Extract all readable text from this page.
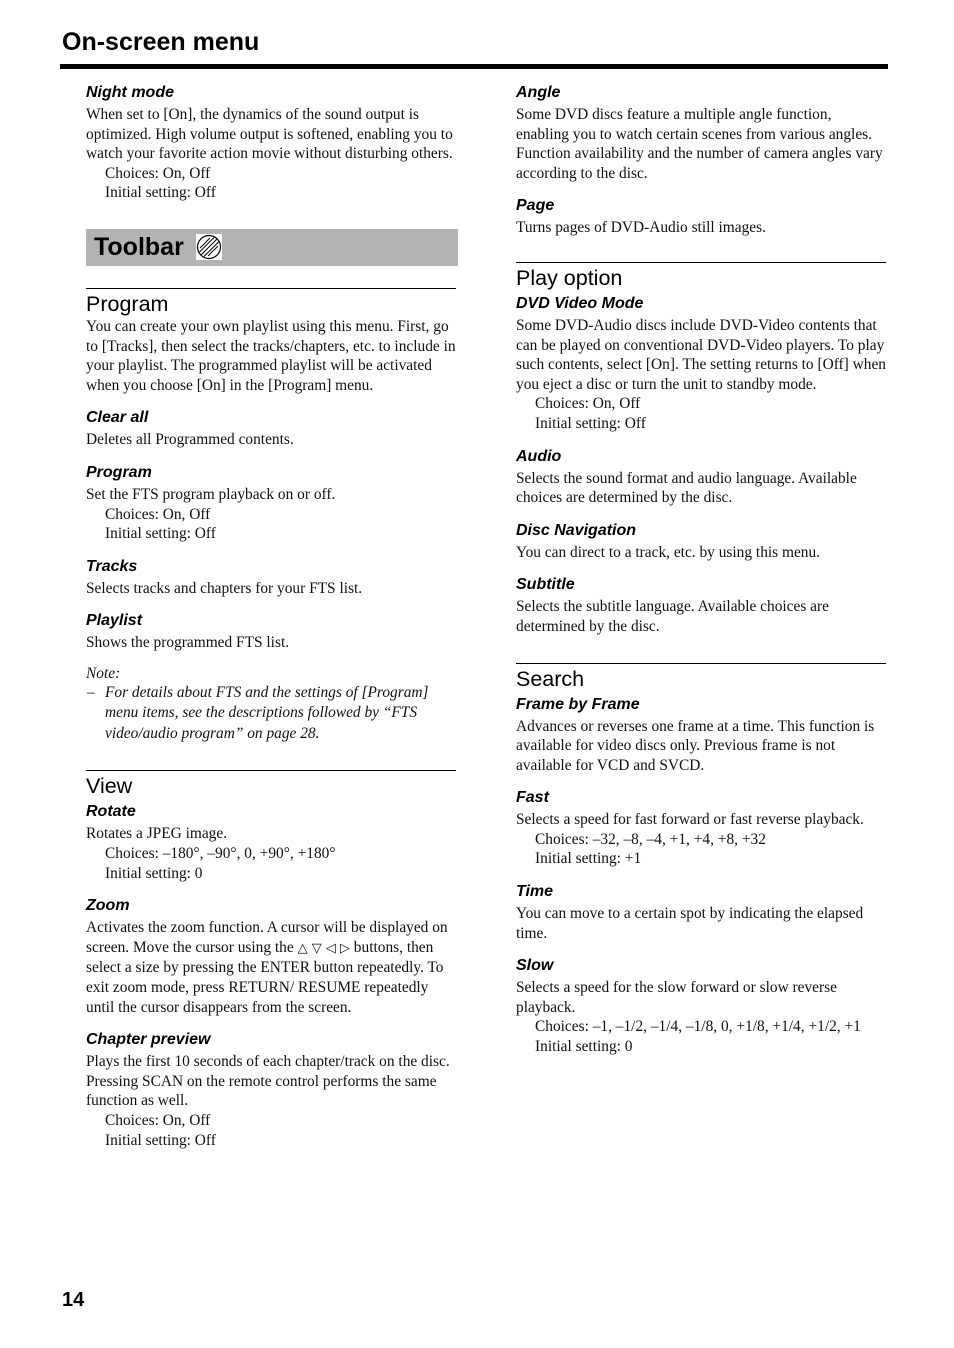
On-screen menu
Night mode
When set to [On], the dynamics of the sound output is optimized. High volume output is softened, enabling you to watch your favorite action movie without disturbing others.
Choices: On, Off
Initial setting: Off
Toolbar
Program
You can create your own playlist using this menu. First, go to [Tracks], then select the tracks/chapters, etc. to include in your playlist. The programmed playlist will be activated when you choose [On] in the [Program] menu.
Clear all
Deletes all Programmed contents.
Program
Set the FTS program playback on or off.
Choices: On, Off
Initial setting: Off
Tracks
Selects tracks and chapters for your FTS list.
Playlist
Shows the programmed FTS list.
Note:
– For details about FTS and the settings of [Program] menu items, see the descriptions followed by “FTS video/audio program” on page 28.
View
Rotate
Rotates a JPEG image.
Choices: –180°, –90°, 0, +90°, +180°
Initial setting: 0
Zoom
Activates the zoom function. A cursor will be displayed on screen. Move the cursor using the △ ▽ ◁ ▷ buttons, then select a size by pressing the ENTER button repeatedly. To exit zoom mode, press RETURN/ RESUME repeatedly until the cursor disappears from the screen.
Chapter preview
Plays the first 10 seconds of each chapter/track on the disc. Pressing SCAN on the remote control performs the same function as well.
Choices: On, Off
Initial setting: Off
Angle
Some DVD discs feature a multiple angle function, enabling you to watch certain scenes from various angles. Function availability and the number of camera angles vary according to the disc.
Page
Turns pages of DVD-Audio still images.
Play option
DVD Video Mode
Some DVD-Audio discs include DVD-Video contents that can be played on conventional DVD-Video players. To play such contents, select [On]. The setting returns to [Off] when you eject a disc or turn the unit to standby mode.
Choices: On, Off
Initial setting: Off
Audio
Selects the sound format and audio language. Available choices are determined by the disc.
Disc Navigation
You can direct to a track, etc. by using this menu.
Subtitle
Selects the subtitle language. Available choices are determined by the disc.
Search
Frame by Frame
Advances or reverses one frame at a time. This function is available for video discs only. Previous frame is not available for VCD and SVCD.
Fast
Selects a speed for fast forward or fast reverse playback.
Choices: –32, –8, –4, +1, +4, +8, +32
Initial setting: +1
Time
You can move to a certain spot by indicating the elapsed time.
Slow
Selects a speed for the slow forward or slow reverse playback.
Choices: –1, –1/2, –1/4, –1/8, 0, +1/8, +1/4, +1/2, +1
Initial setting: 0
14
